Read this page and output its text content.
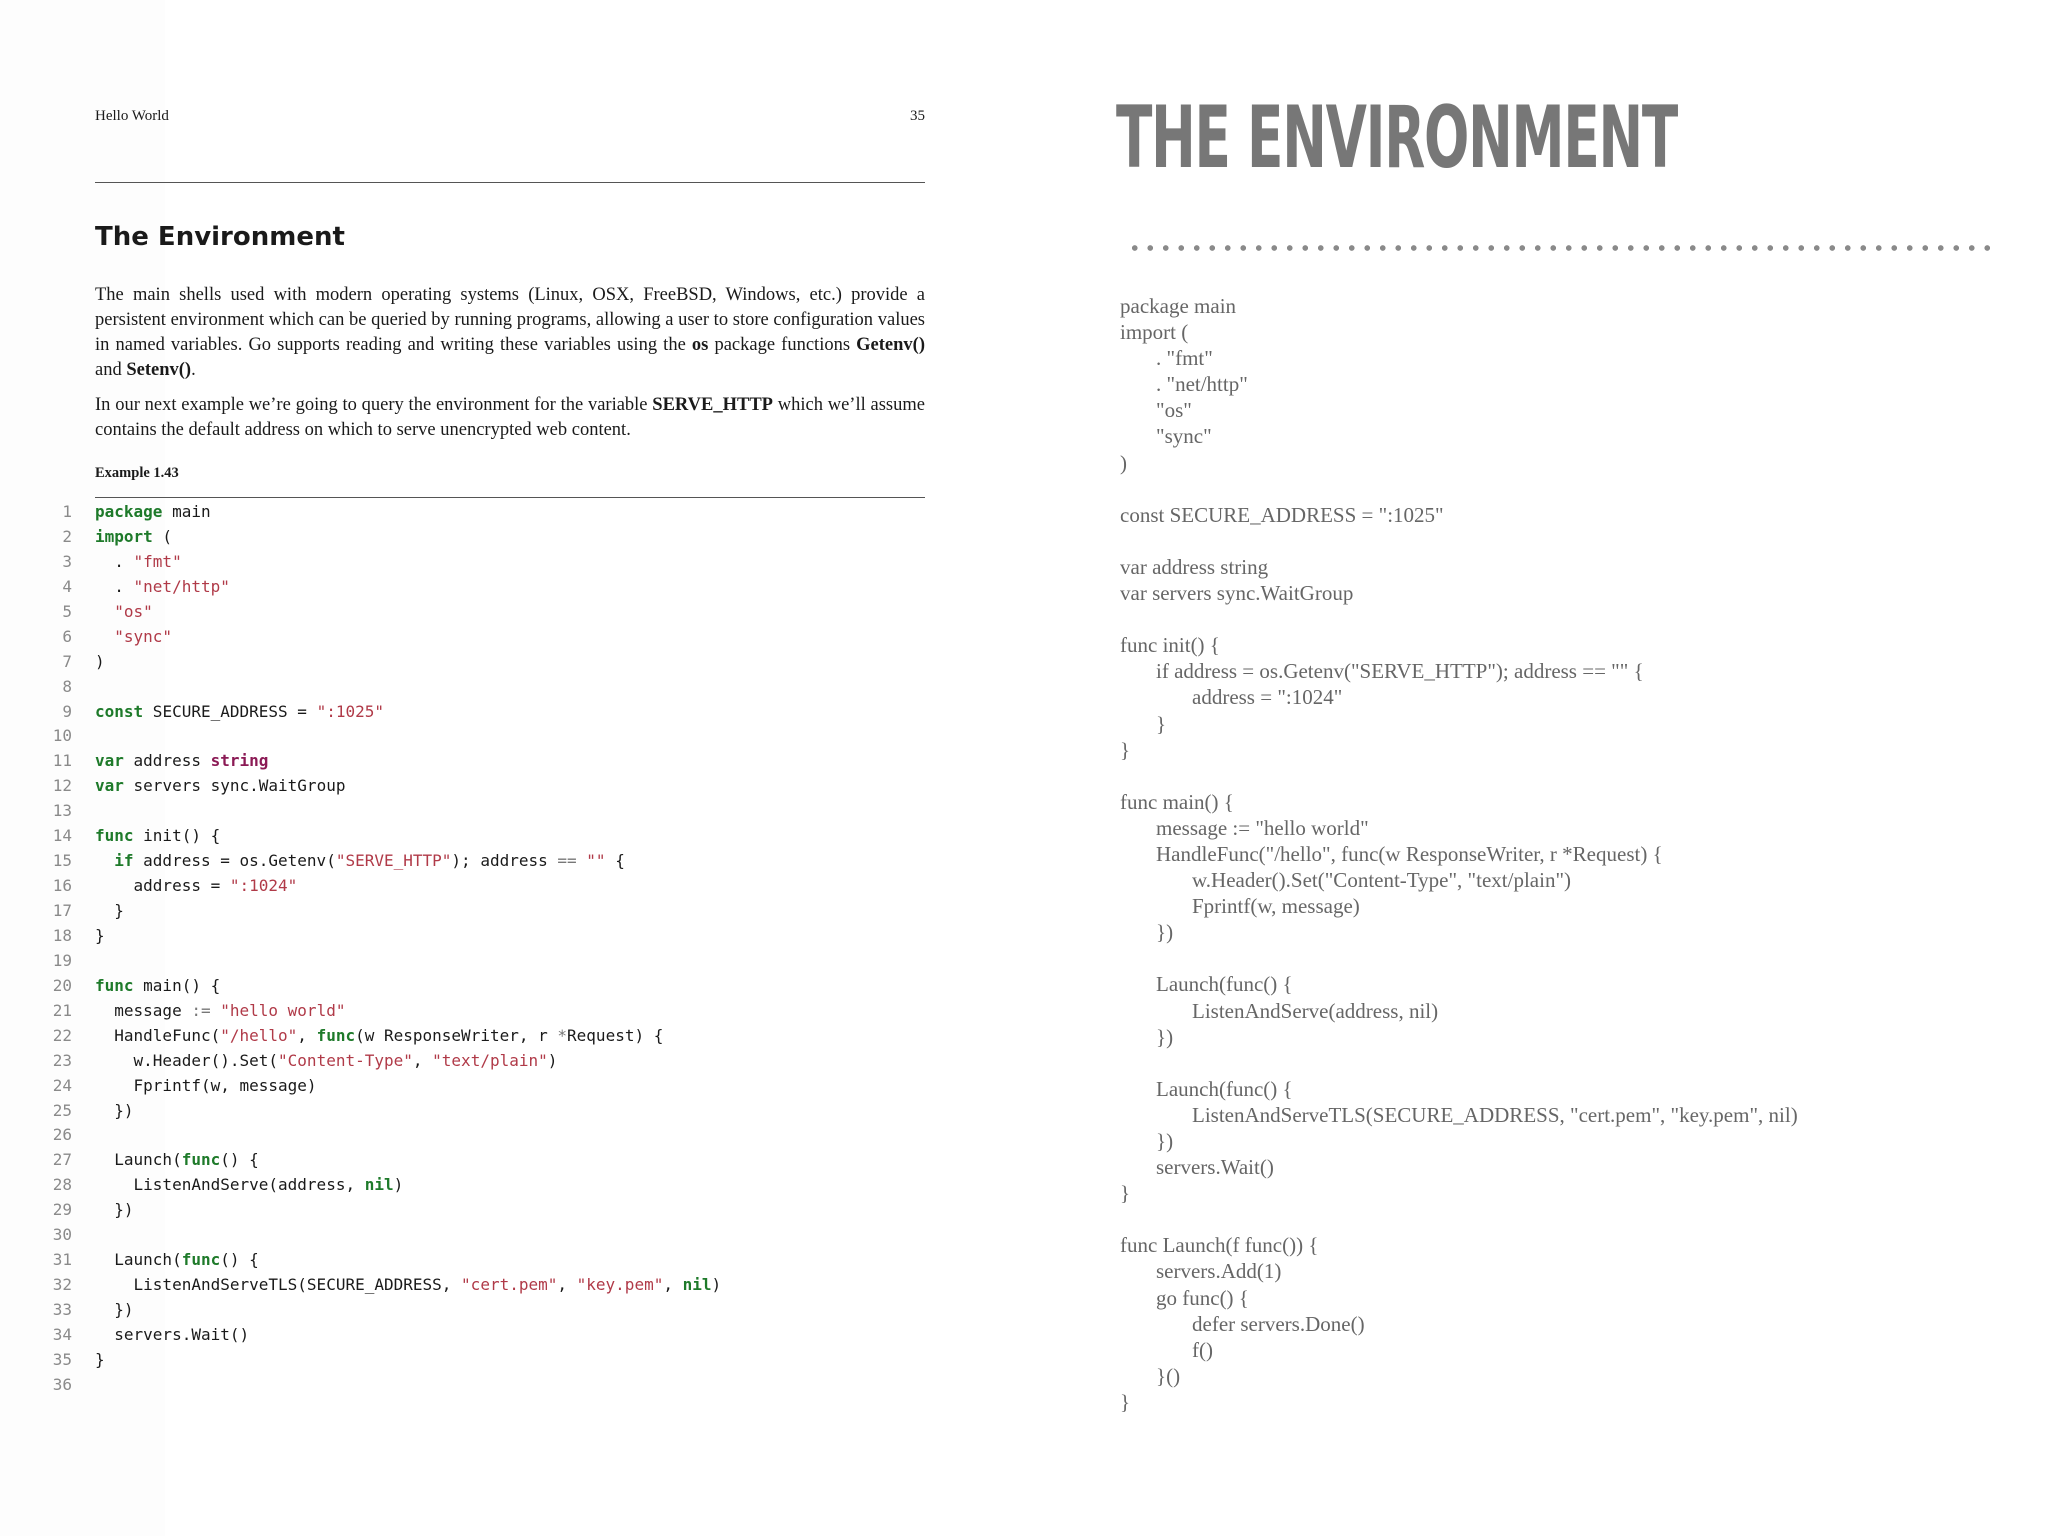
Hello World	35
The Environment

The main shells used with modern operating systems (Linux, OSX, FreeBSD, Windows, etc.) provide a persistent environment which can be queried by running programs, allowing a user to store configuration values in named variables. Go supports reading and writing these variables using the os package functions Getenv() and Setenv().

In our next example we’re going to query the environment for the variable SERVE_HTTP which we’ll assume contains the default address on which to serve unencrypted web content.

Example 1.43
1 package main
2 import (
3	. "fmt"
4	. "net/http"
5	"os"
6	"sync"
7 )
8
9 const SECURE_ADDRESS = ":1025"
10
11 var address string
12 var servers sync.WaitGroup
13
14 func init() {
15	if address = os.Getenv("SERVE_HTTP"); address == "" {
16	address = ":1024"
17	}
18 }
19
20 func main() {
21	message := "hello world"
22	HandleFunc("/hello", func(w ResponseWriter, r *Request) {
23	w.Header().Set("Content-Type", "text/plain")
24	Fprintf(w, message)
25	})
26
27	Launch(func() {
28	ListenAndServe(address, nil)
29	})
30
31	Launch(func() {
32	ListenAndServeTLS(SECURE_ADDRESS, "cert.pem", "key.pem", nil)
33	})
34	servers.Wait()
35 }
36
THE ENVIRONMENT
package main
import (
. "fmt"
. "net/http"
"os"
"sync"
)
const SECURE_ADDRESS = ":1025"
var address string
var servers sync.WaitGroup
func init() {
if address = os.Getenv("SERVE_HTTP"); address == "" {
address = ":1024"
}
}
func main() {
message := "hello world"
HandleFunc("/hello", func(w ResponseWriter, r *Request) {
w.Header().Set("Content-Type", "text/plain")
Fprintf(w, message)
})
Launch(func() {
ListenAndServe(address, nil)
})
Launch(func() {
ListenAndServeTLS(SECURE_ADDRESS, "cert.pem", "key.pem", nil)
})
servers.Wait()
}
func Launch(f func()) {
servers.Add(1)
go func() {
defer servers.Done()
f()
}()
}
